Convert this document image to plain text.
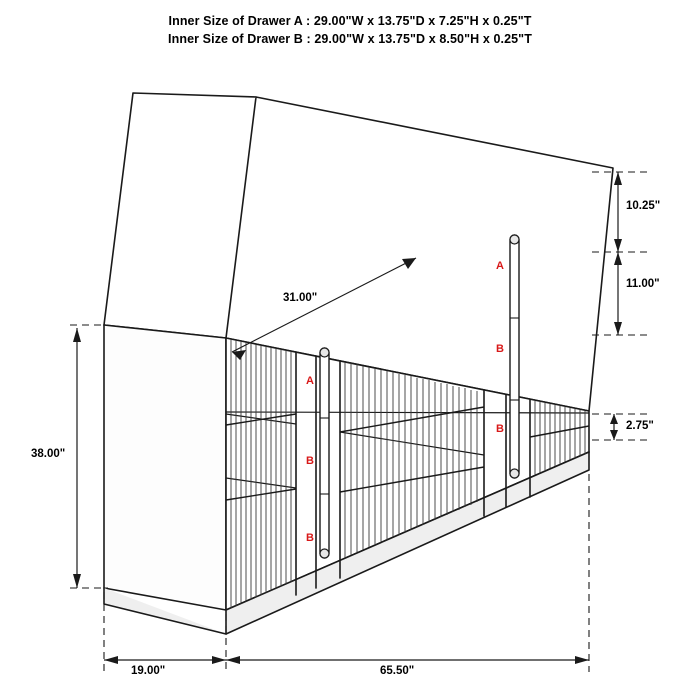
Inner Size of Drawer A : 29.00"W x 13.75"D x 7.25"H x 0.25"T
Inner Size of Drawer B : 29.00"W x 13.75"D x 8.50"H x 0.25"T
31.00"
38.00"
19.00"	65.50"
10.25"
11.00"
2.75"
A
B
B
A
B
B
